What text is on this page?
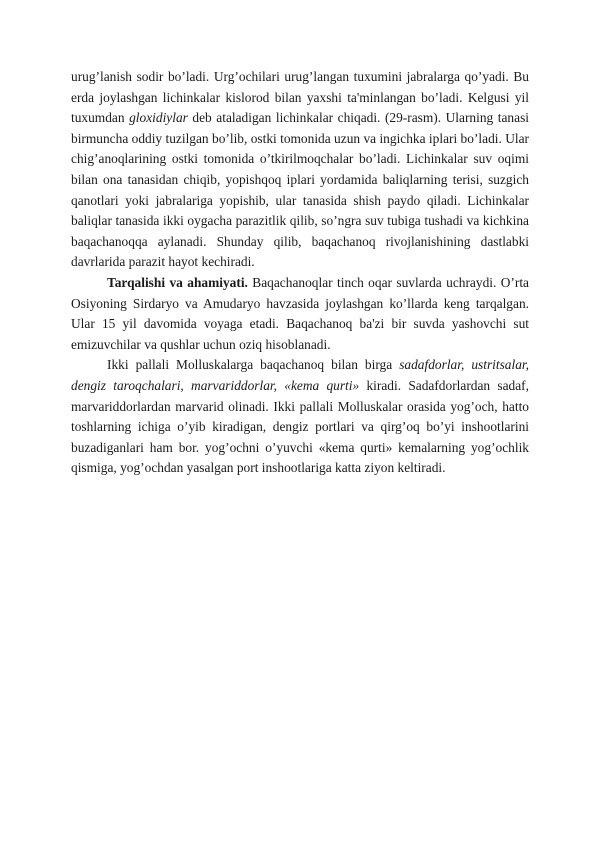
urug’lanish sodir bo’ladi. Urg’ochilari urug’langan tuxumini jabralarga qo’yadi. Bu erda joylashgan lichinkalar kislorod bilan yaxshi ta'minlangan bo’ladi. Kelgusi yil tuxumdan gloxidiylar deb ataladigan lichinkalar chiqadi. (29-rasm). Ularning tanasi birmuncha oddiy tuzilgan bo’lib, ostki tomonida uzun va ingichka iplari bo’ladi. Ular chig’anoqlarining ostki tomonida o’tkirilmoqchalar bo’ladi. Lichinkalar suv oqimi bilan ona tanasidan chiqib, yopishqoq iplari yordamida baliqlarning terisi, suzgich qanotlari yoki jabralariga yopishib, ular tanasida shish paydo qiladi. Lichinkalar baliqlar tanasida ikki oygacha parazitlik qilib, so’ngra suv tubiga tushadi va kichkina baqachanoqqa aylanadi. Shunday qilib, baqachanoq rivojlanishining dastlabki davrlarida parazit hayot kechiradi.

Tarqalishi va ahamiyati. Baqachanoqlar tinch oqar suvlarda uchraydi. O’rta Osiyoning Sirdaryo va Amudaryo havzasida joylashgan ko’llarda keng tarqalgan. Ular 15 yil davomida voyaga etadi. Baqachanoq ba'zi bir suvda yashovchi sut emizuvchilar va qushlar uchun oziq hisoblanadi.

Ikki pallali Molluskalarga baqachanoq bilan birga sadafdorlar, ustritsalar, dengiz taroqchalari, marvariddorlar, «kema qurti» kiradi. Sadafdorlardan sadaf, marvariddorlardan marvarid olinadi. Ikki pallali Molluskalar orasida yog’och, hatto toshlarning ichiga o’yib kiradigan, dengiz portlari va qirg’oq bo’yi inshootlarini buzadiganlari ham bor. yog’ochni o’yuvchi «kema qurti» kemalarning yog’ochlik qismiga, yog’ochdan yasalgan port inshootlariga katta ziyon keltiradi.
